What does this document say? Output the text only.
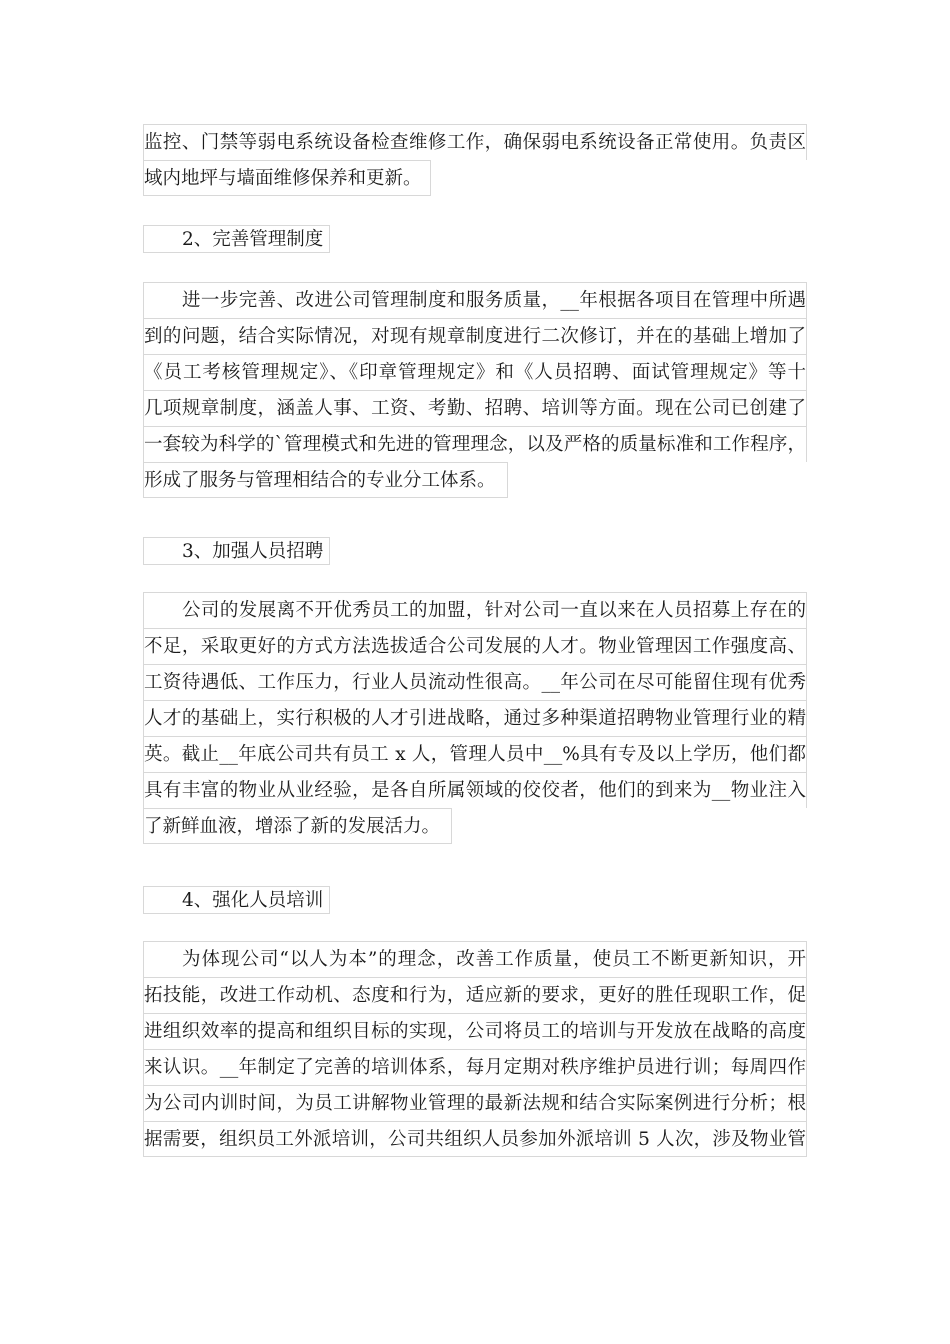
监控、门禁等弱电系统设备检查维修工作，确保弱电系统设备正常使用。负责区
域内地坪与墙面维修保养和更新。
2、完善管理制度
进一步完善、改进公司管理制度和服务质量，__年根据各项目在管理中所遇
到的问题，结合实际情况，对现有规章制度进行二次修订，并在的基础上增加了
《员工考核管理规定》、《印章管理规定》和《人员招聘、面试管理规定》等十
几项规章制度，涵盖人事、工资、考勤、招聘、培训等方面。现在公司已创建了
一套较为科学的`管理模式和先进的管理理念，以及严格的质量标准和工作程序，
形成了服务与管理相结合的专业分工体系。
3、加强人员招聘
公司的发展离不开优秀员工的加盟，针对公司一直以来在人员招募上存在的
不足，采取更好的方式方法选拔适合公司发展的人才。物业管理因工作强度高、
工资待遇低、工作压力，行业人员流动性很高。__年公司在尽可能留住现有优秀
人才的基础上，实行积极的人才引进战略，通过多种渠道招聘物业管理行业的精
英。截止__年底公司共有员工 x 人，管理人员中__%具有专及以上学历，他们都
具有丰富的物业从业经验，是各自所属领域的佼佼者，他们的到来为__物业注入
了新鲜血液，增添了新的发展活力。
4、强化人员培训
为体现公司“以人为本”的理念，改善工作质量，使员工不断更新知识，开
拓技能，改进工作动机、态度和行为，适应新的要求，更好的胜任现职工作，促
进组织效率的提高和组织目标的实现，公司将员工的培训与开发放在战略的高度
来认识。__年制定了完善的培训体系，每月定期对秩序维护员进行训；每周四作
为公司内训时间，为员工讲解物业管理的最新法规和结合实际案例进行分析；根
据需要，组织员工外派培训，公司共组织人员参加外派培训 5 人次，涉及物业管
